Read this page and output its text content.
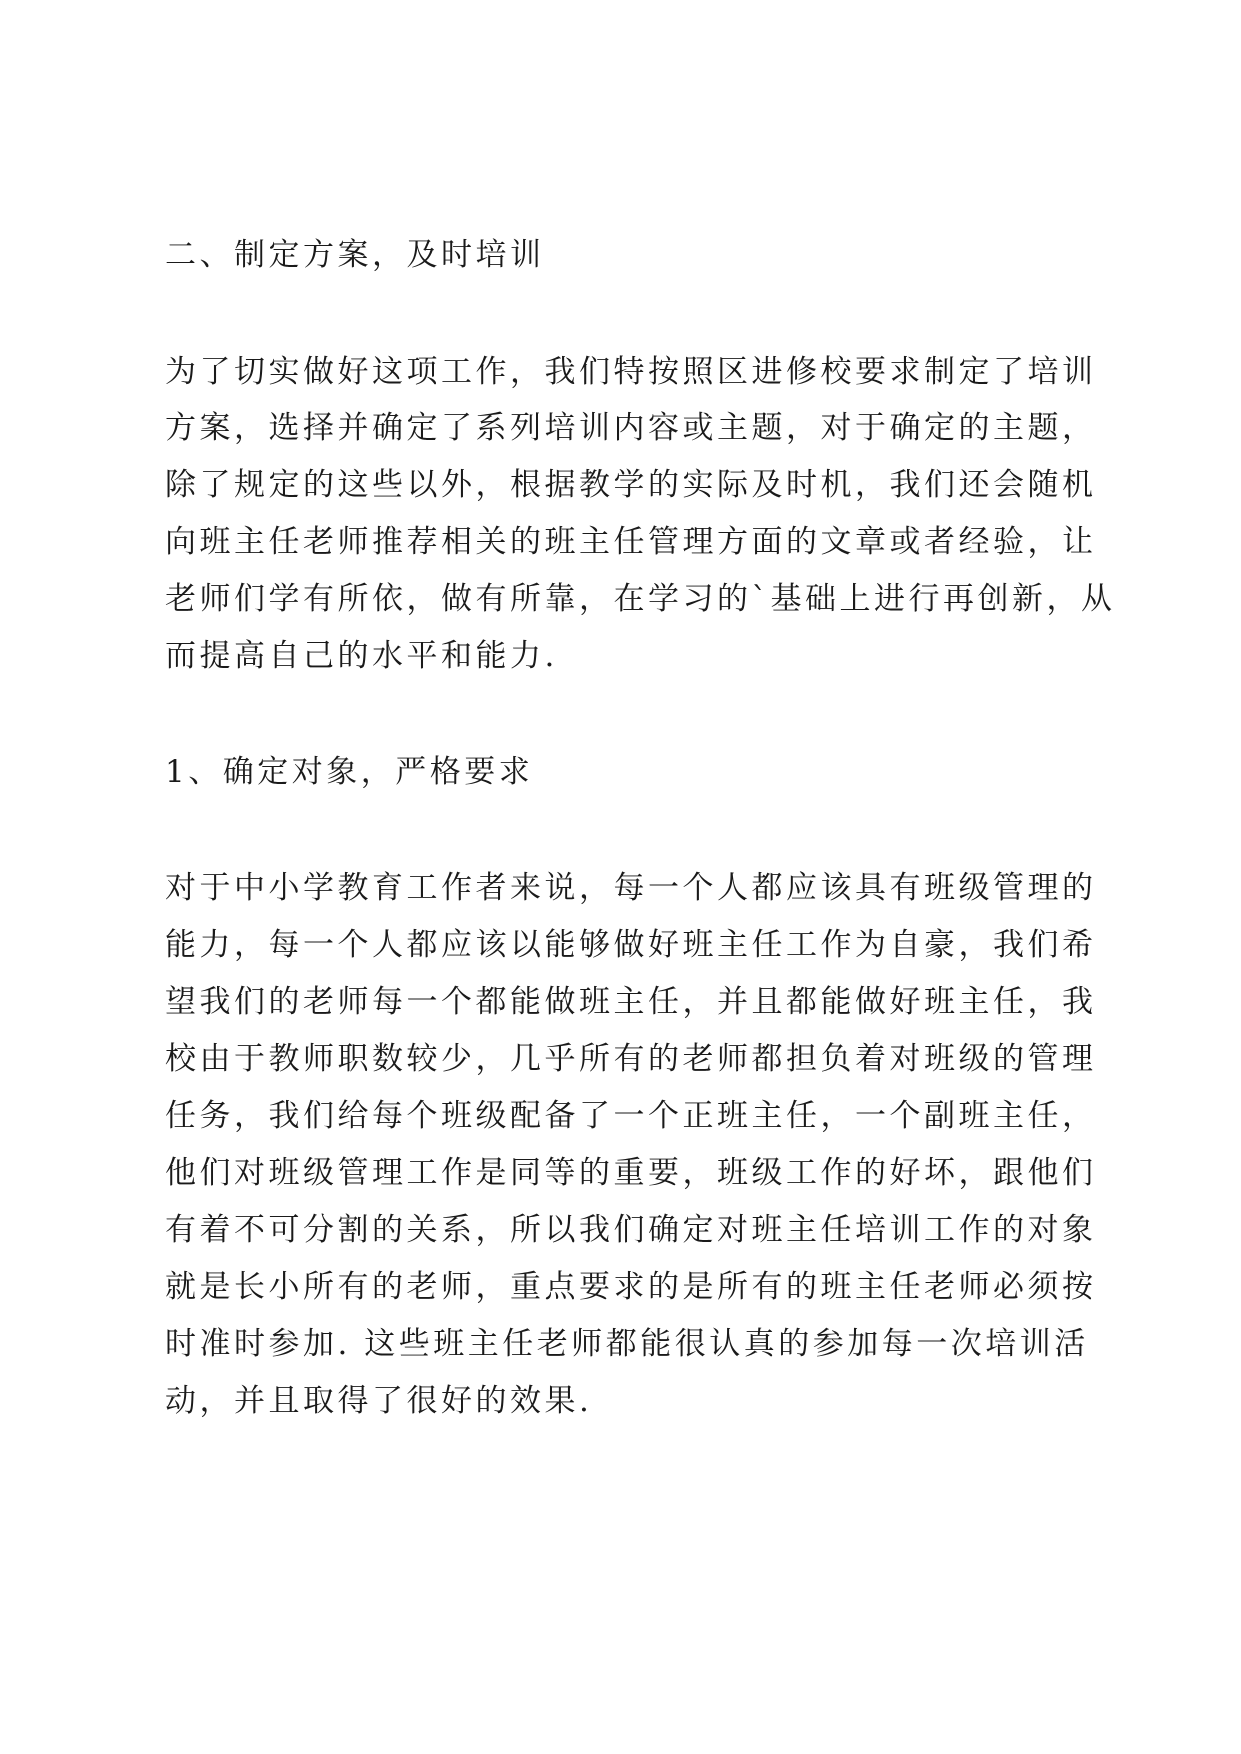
二、制定方案，及时培训

为了切实做好这项工作，我们特按照区进修校要求制定了培训

方案，选择并确定了系列培训内容或主题，对于确定的主题，

除了规定的这些以外，根据教学的实际及时机，我们还会随机

向班主任老师推荐相关的班主任管理方面的文章或者经验，让

老师们学有所依，做有所靠，在学习的`基础上进行再创新，从

而提高自己的水平和能力.

1、确定对象，严格要求

对于中小学教育工作者来说，每一个人都应该具有班级管理的

能力，每一个人都应该以能够做好班主任工作为自豪，我们希

望我们的老师每一个都能做班主任，并且都能做好班主任，我

校由于教师职数较少，几乎所有的老师都担负着对班级的管理

任务，我们给每个班级配备了一个正班主任，一个副班主任，

他们对班级管理工作是同等的重要，班级工作的好坏，跟他们

有着不可分割的关系，所以我们确定对班主任培训工作的对象

就是长小所有的老师，重点要求的是所有的班主任老师必须按

时准时参加. 这些班主任老师都能很认真的参加每一次培训活

动，并且取得了很好的效果.
